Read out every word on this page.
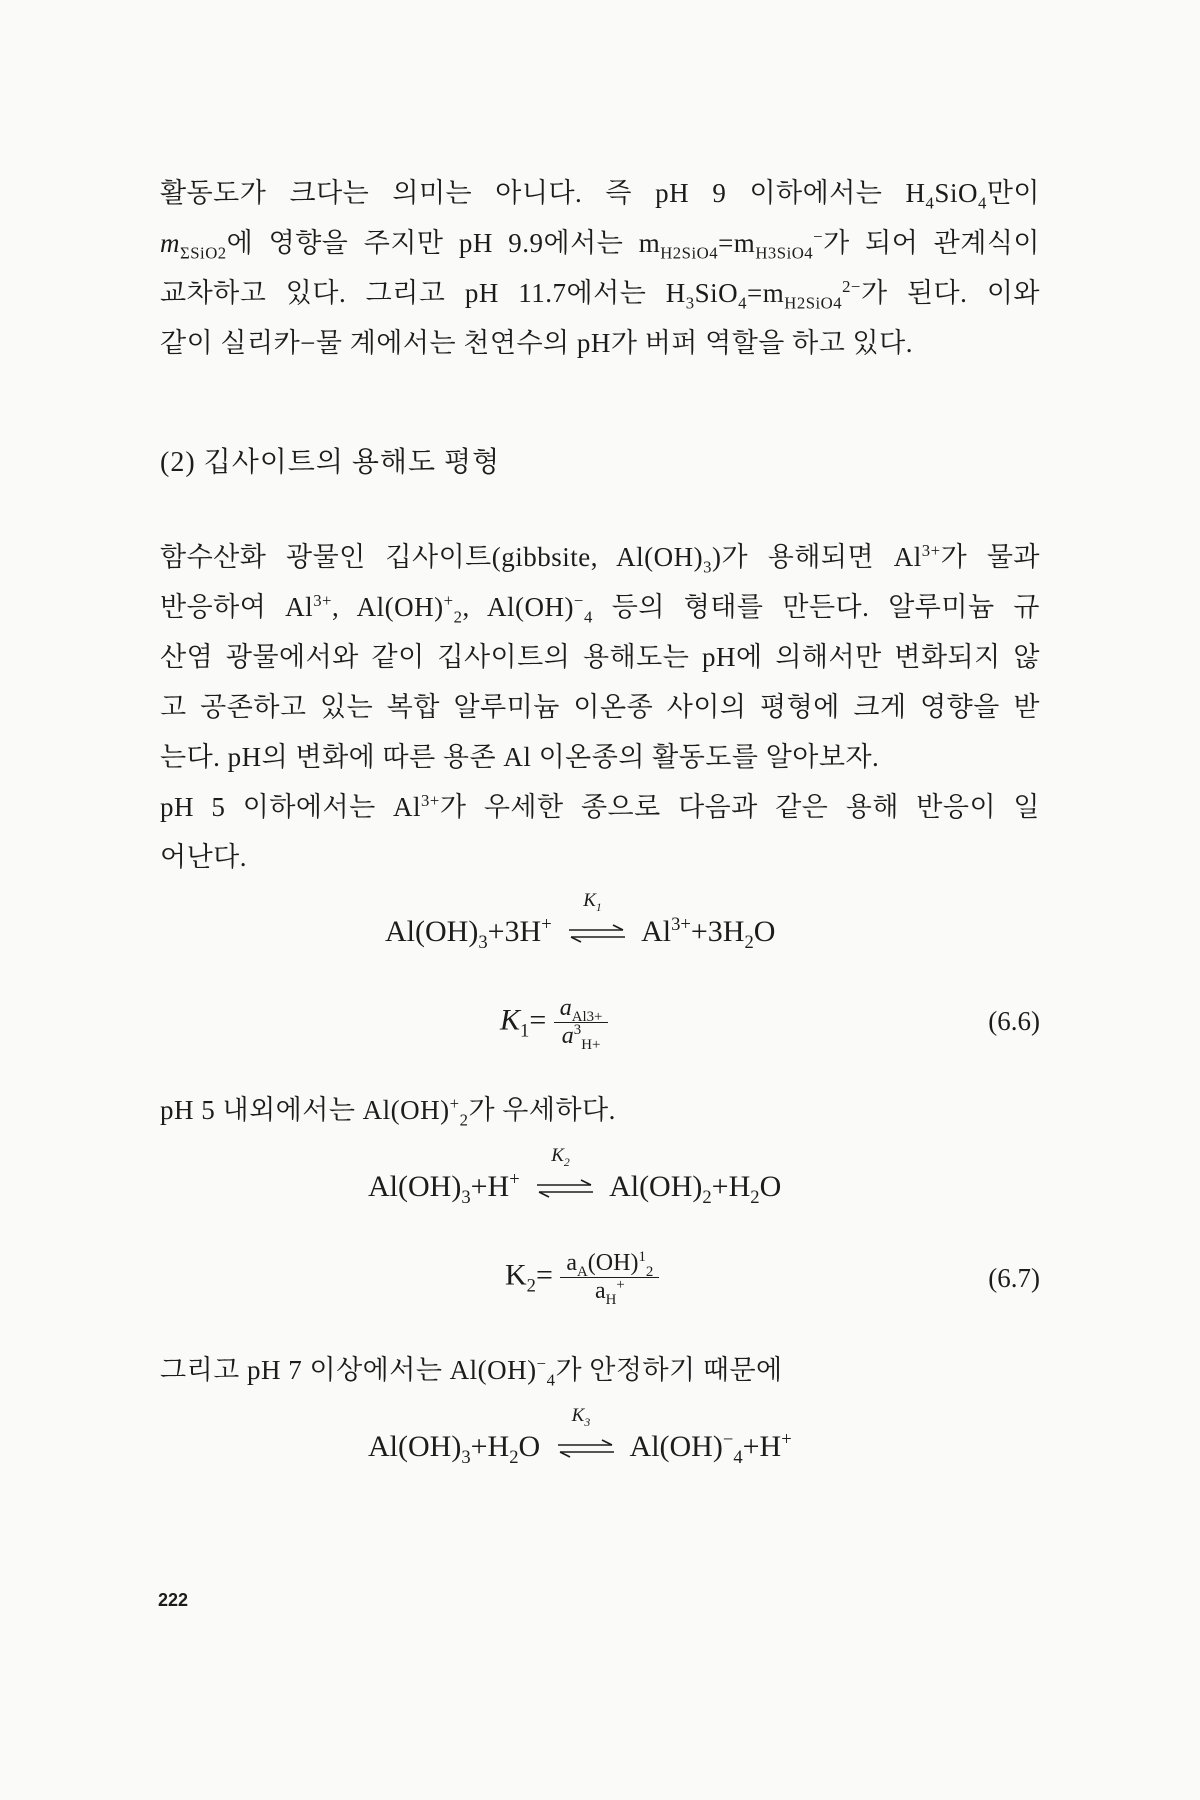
활동도가 크다는 의미는 아니다. 즉 pH 9 이하에서는 $H_4SiO_4$만이
$m_{\Sigma SiO2}$에 영향을 주지만 pH 9.9에서는 $m_{H2SiO4}=m_{H3SiO4}^-$가 되어 관계식이
교차하고 있다. 그리고 pH 11.7에서는 $H_3SiO_4=m_{H2SiO4}^{2-}$가 된다. 이와
같이 실리카−물 계에서는 천연수의 pH가 버퍼 역할을 하고 있다.
(2) 깁사이트의 용해도 평형
함수산화 광물인 깁사이트(gibbsite, $Al(OH)_3$)가 용해되면 $Al^{3+}$가 물과
반응하여 $Al^{3+}$, $Al(OH)^+_2$, $Al(OH)^-_4$ 등의 형태를 만든다. 알루미늄 규
산염 광물에서와 같이 깁사이트의 용해도는 pH에 의해서만 변화되지 않
고 공존하고 있는 복합 알루미늄 이온종 사이의 평형에 크게 영향을 받
는다. pH의 변화에 따른 용존 Al 이온종의 활동도를 알아보자.
pH 5 이하에서는 $Al^{3+}$가 우세한 종으로 다음과 같은 용해 반응이 일
어난다.
$Al(OH)_3+3H^+$
$K_1$
$Al^{3+}+3H_2O$
$K_1= \frac{a_{Al3+}}{a^3_{H+}}$	(6.6)
pH 5 내외에서는 $Al(OH)^+_2$가 우세하다.
$Al(OH)_3+H^+$
$K_2$
$Al(OH)_2+H_2O$
$K_2= \frac{a_A(OH)^1_2}{a_H^+}$	(6.7)
그리고 pH 7 이상에서는 $Al(OH)^-_4$가 안정하기 때문에
$Al(OH)_3+H_2O$
$K_3$
$Al(OH)^-_4+H^+$
222
